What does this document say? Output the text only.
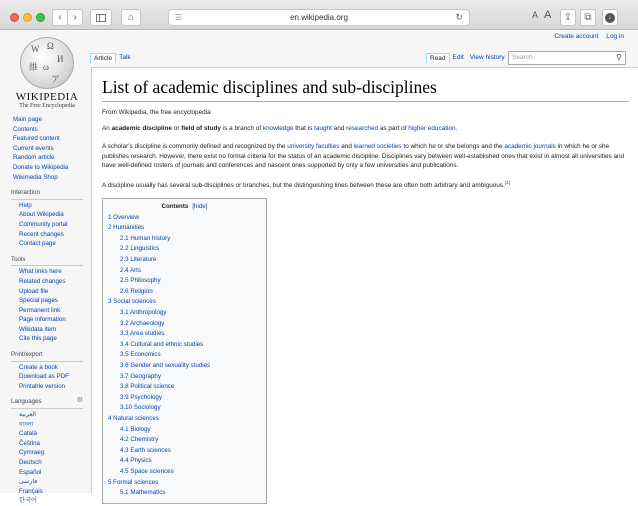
‹ ›	⌂	☰	en.wikipedia.org	↻	A A ⇪ ⧉	↓
Create account Log in
W Ω
И
維 ω
ア
WIKIPEDIA
The Free Encyclopedia
Main page
Contents
Featured content
Current events
Random article
Donate to Wikipedia
Wikimedia Shop
Interaction
Help
About Wikipedia
Community portal
Recent changes
Contact page
Tools
What links here
Related changes
Upload file
Special pages
Permanent link
Page information
Wikidata item
Cite this page
Print/export
Create a book
Download as PDF
Printable version
Languages	⚙
العربية
বাংলা
Català
Čeština
Cymraeg
Deutsch
Español
فارسی
Français
한국어
Article	Talk	Read	Edit View history	Search	⚲
List of academic disciplines and sub-disciplines
From Wikipedia, the free encyclopedia

An academic discipline or field of study is a branch of knowledge that is taught and researched as part of higher education.

A scholar's discipline is commonly defined and recognized by the university faculties and learned societies to which he or she belongs and the academic journals in which he or she publishes research. However, there exist no formal criteria for the status of an academic discipline. Disciplines vary between well-established ones that exist in almost all universities and have well-defined rosters of journals and conferences and nascent ones supported by only a few universities and publications.

A discipline usually has several sub-disciplines or branches, but the distinguishing lines between these are often both arbitrary and ambiguous.[1]

Contents [hide]
1 Overview
2 Humanities
2.1 Human history
2.2 Linguistics
2.3 Literature
2.4 Arts
2.5 Philosophy
2.6 Religion
3 Social sciences
3.1 Anthropology
3.2 Archaeology
3.3 Area studies
3.4 Cultural and ethnic studies
3.5 Economics
3.6 Gender and sexuality studies
3.7 Geography
3.8 Political science
3.9 Psychology
3.10 Sociology
4 Natural sciences
4.1 Biology
4.2 Chemistry
4.3 Earth sciences
4.4 Physics
4.5 Space sciences
5 Formal sciences
5.1 Mathematics
